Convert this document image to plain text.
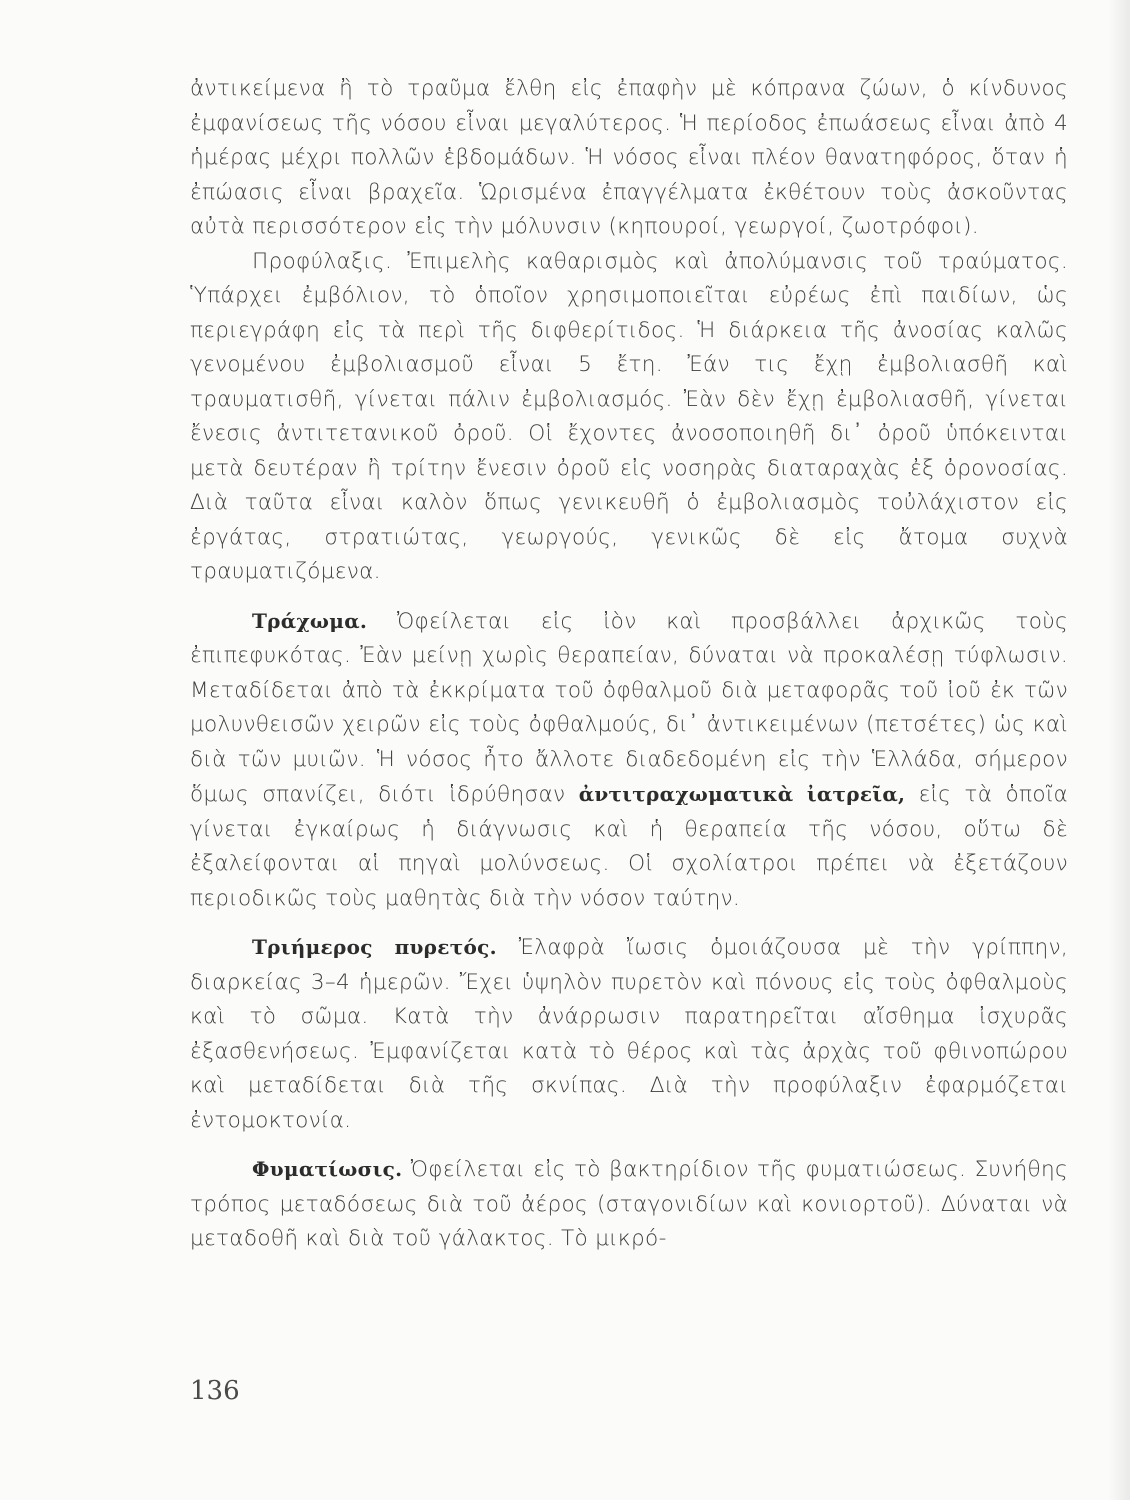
ἀντικείμενα ἢ τὸ τραῦμα ἔλθη εἰς ἐπαφὴν μὲ κόπρανα ζώων, ὁ κίνδυνος ἐμφανίσεως τῆς νόσου εἶναι μεγαλύτερος. Ἡ περίοδος ἐπωάσεως εἶναι ἀπὸ 4 ἡμέρας μέχρι πολλῶν ἑβδομάδων. Ἡ νόσος εἶναι πλέον θανατηφόρος, ὅταν ἡ ἐπώασις εἶναι βραχεῖα. Ὡρισμένα ἐπαγγέλματα ἐκθέτουν τοὺς ἀσκοῦντας αὐτὰ περισσότερον εἰς τὴν μόλυνσιν (κηπουροί, γεωργοί, ζωοτρόφοι).

Προφύλαξις. Ἐπιμελὴς καθαρισμὸς καὶ ἀπολύμανσις τοῦ τραύματος. Ὑπάρχει ἐμβόλιον, τὸ ὁποῖον χρησιμοποιεῖται εὐρέως ἐπὶ παιδίων, ὡς περιεγράφη εἰς τὰ περὶ τῆς διφθερίτιδος. Ἡ διάρκεια τῆς ἀνοσίας καλῶς γενομένου ἐμβολιασμοῦ εἶναι 5 ἔτη. Ἐάν τις ἔχῃ ἐμβολιασθῆ καὶ τραυματισθῆ, γίνεται πάλιν ἐμβολιασμός. Ἐὰν δὲν ἔχῃ ἐμβολιασθῆ, γίνεται ἔνεσις ἀντιτετανικοῦ ὀροῦ. Οἱ ἔχοντες ἀνοσοποιηθῆ δι᾽ ὀροῦ ὑπόκεινται μετὰ δευτέραν ἢ τρίτην ἔνεσιν ὀροῦ εἰς νοσηρὰς διαταραχὰς ἐξ ὀρονοσίας. Διὰ ταῦτα εἶναι καλὸν ὅπως γενικευθῆ ὁ ἐμβολιασμὸς τοὐλάχιστον εἰς ἐργάτας, στρατιώτας, γεωργούς, γενικῶς δὲ εἰς ἄτομα συχνὰ τραυματιζόμενα.

Τράχωμα. Ὀφείλεται εἰς ἰὸν καὶ προσβάλλει ἀρχικῶς τοὺς ἐπιπεφυκότας. Ἐὰν μείνῃ χωρὶς θεραπείαν, δύναται νὰ προκαλέσῃ τύφλωσιν. Μεταδίδεται ἀπὸ τὰ ἐκκρίματα τοῦ ὀφθαλμοῦ διὰ μεταφορᾶς τοῦ ἰοῦ ἐκ τῶν μολυνθεισῶν χειρῶν εἰς τοὺς ὀφθαλμούς, δι᾽ ἀντικειμένων (πετσέτες) ὡς καὶ διὰ τῶν μυιῶν. Ἡ νόσος ἦτο ἄλλοτε διαδεδομένη εἰς τὴν Ἑλλάδα, σήμερον ὅμως σπανίζει, διότι ἱδρύθησαν ἀντιτραχωματικὰ ἰατρεῖα, εἰς τὰ ὁποῖα γίνεται ἐγκαίρως ἡ διάγνωσις καὶ ἡ θεραπεία τῆς νόσου, οὕτω δὲ ἐξαλείφονται αἱ πηγαὶ μολύνσεως. Οἱ σχολίατροι πρέπει νὰ ἐξετάζουν περιοδικῶς τοὺς μαθητὰς διὰ τὴν νόσον ταύτην.

Τριήμερος πυρετός. Ἐλαφρὰ ἴωσις ὁμοιάζουσα μὲ τὴν γρίππην, διαρκείας 3–4 ἡμερῶν. Ἔχει ὑψηλὸν πυρετὸν καὶ πόνους εἰς τοὺς ὀφθαλμοὺς καὶ τὸ σῶμα. Κατὰ τὴν ἀνάρρωσιν παρατηρεῖται αἴσθημα ἰσχυρᾶς ἐξασθενήσεως. Ἐμφανίζεται κατὰ τὸ θέρος καὶ τὰς ἀρχὰς τοῦ φθινοπώρου καὶ μεταδίδεται διὰ τῆς σκνίπας. Διὰ τὴν προφύλαξιν ἐφαρμόζεται ἐντομοκτονία.

Φυματίωσις. Ὀφείλεται εἰς τὸ βακτηρίδιον τῆς φυματιώσεως. Συνήθης τρόπος μεταδόσεως διὰ τοῦ ἀέρος (σταγονιδίων καὶ κονιορτοῦ). Δύναται νὰ μεταδοθῆ καὶ διὰ τοῦ γάλακτος. Τὸ μικρό-

136
